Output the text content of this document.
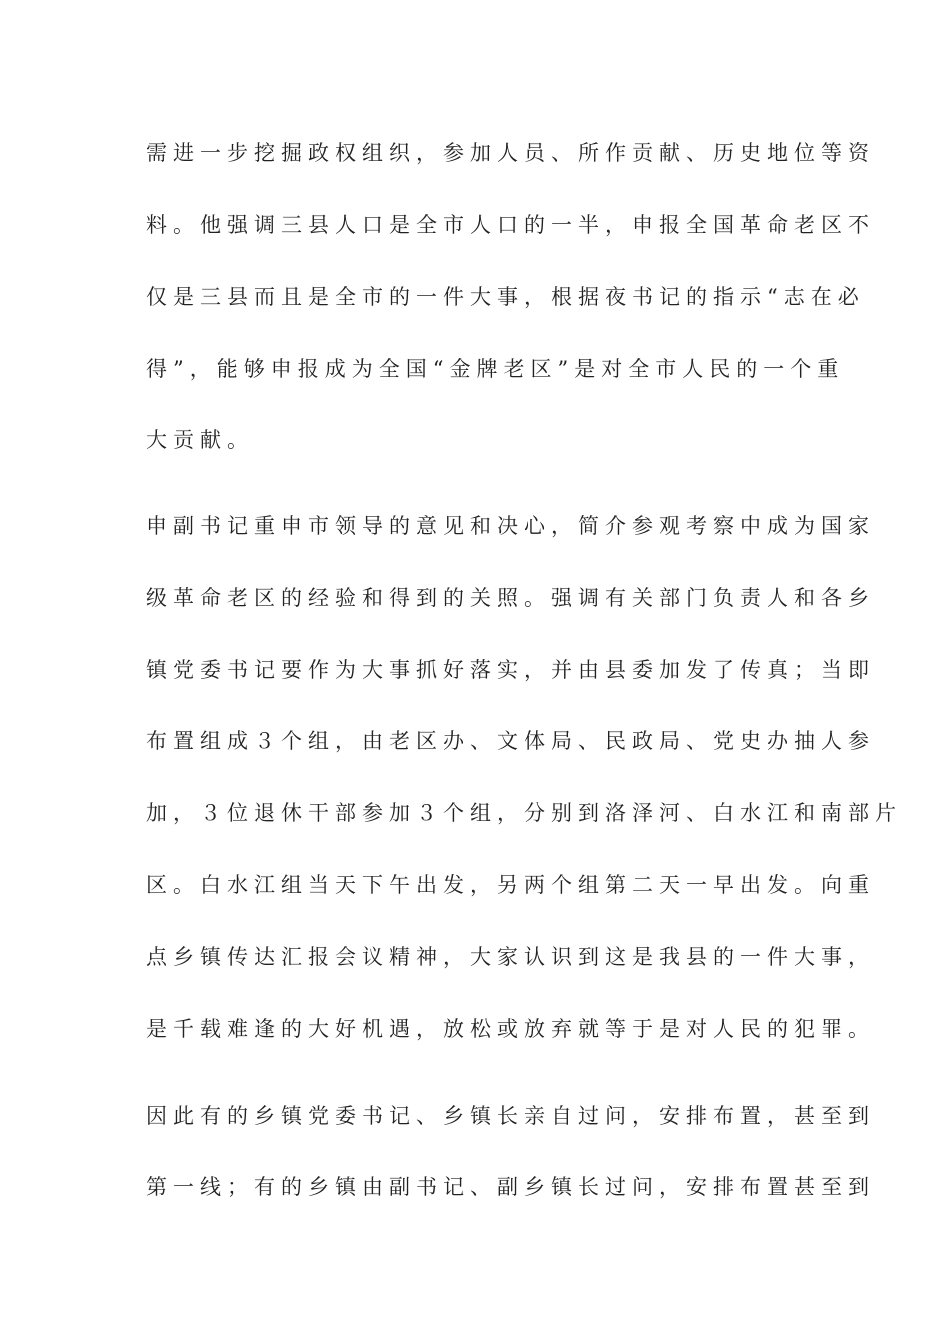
需进一步挖掘政权组织，参加人员、所作贡献、历史地位等资
料。他强调三县人口是全市人口的一半，申报全国革命老区不
仅是三县而且是全市的一件大事，根据夜书记的指示“志在必
得”，能够申报成为全国“金牌老区”是对全市人民的一个重
大贡献。
申副书记重申市领导的意见和决心，简介参观考察中成为国家
级革命老区的经验和得到的关照。强调有关部门负责人和各乡
镇党委书记要作为大事抓好落实，并由县委加发了传真；当即
布置组成３个组，由老区办、文体局、民政局、党史办抽人参
加，３位退休干部参加３个组，分别到洛泽河、白水江和南部片
区。白水江组当天下午出发，另两个组第二天一早出发。向重
点乡镇传达汇报会议精神，大家认识到这是我县的一件大事，
是千载难逢的大好机遇，放松或放弃就等于是对人民的犯罪。
因此有的乡镇党委书记、乡镇长亲自过问，安排布置，甚至到
第一线；有的乡镇由副书记、副乡镇长过问，安排布置甚至到
